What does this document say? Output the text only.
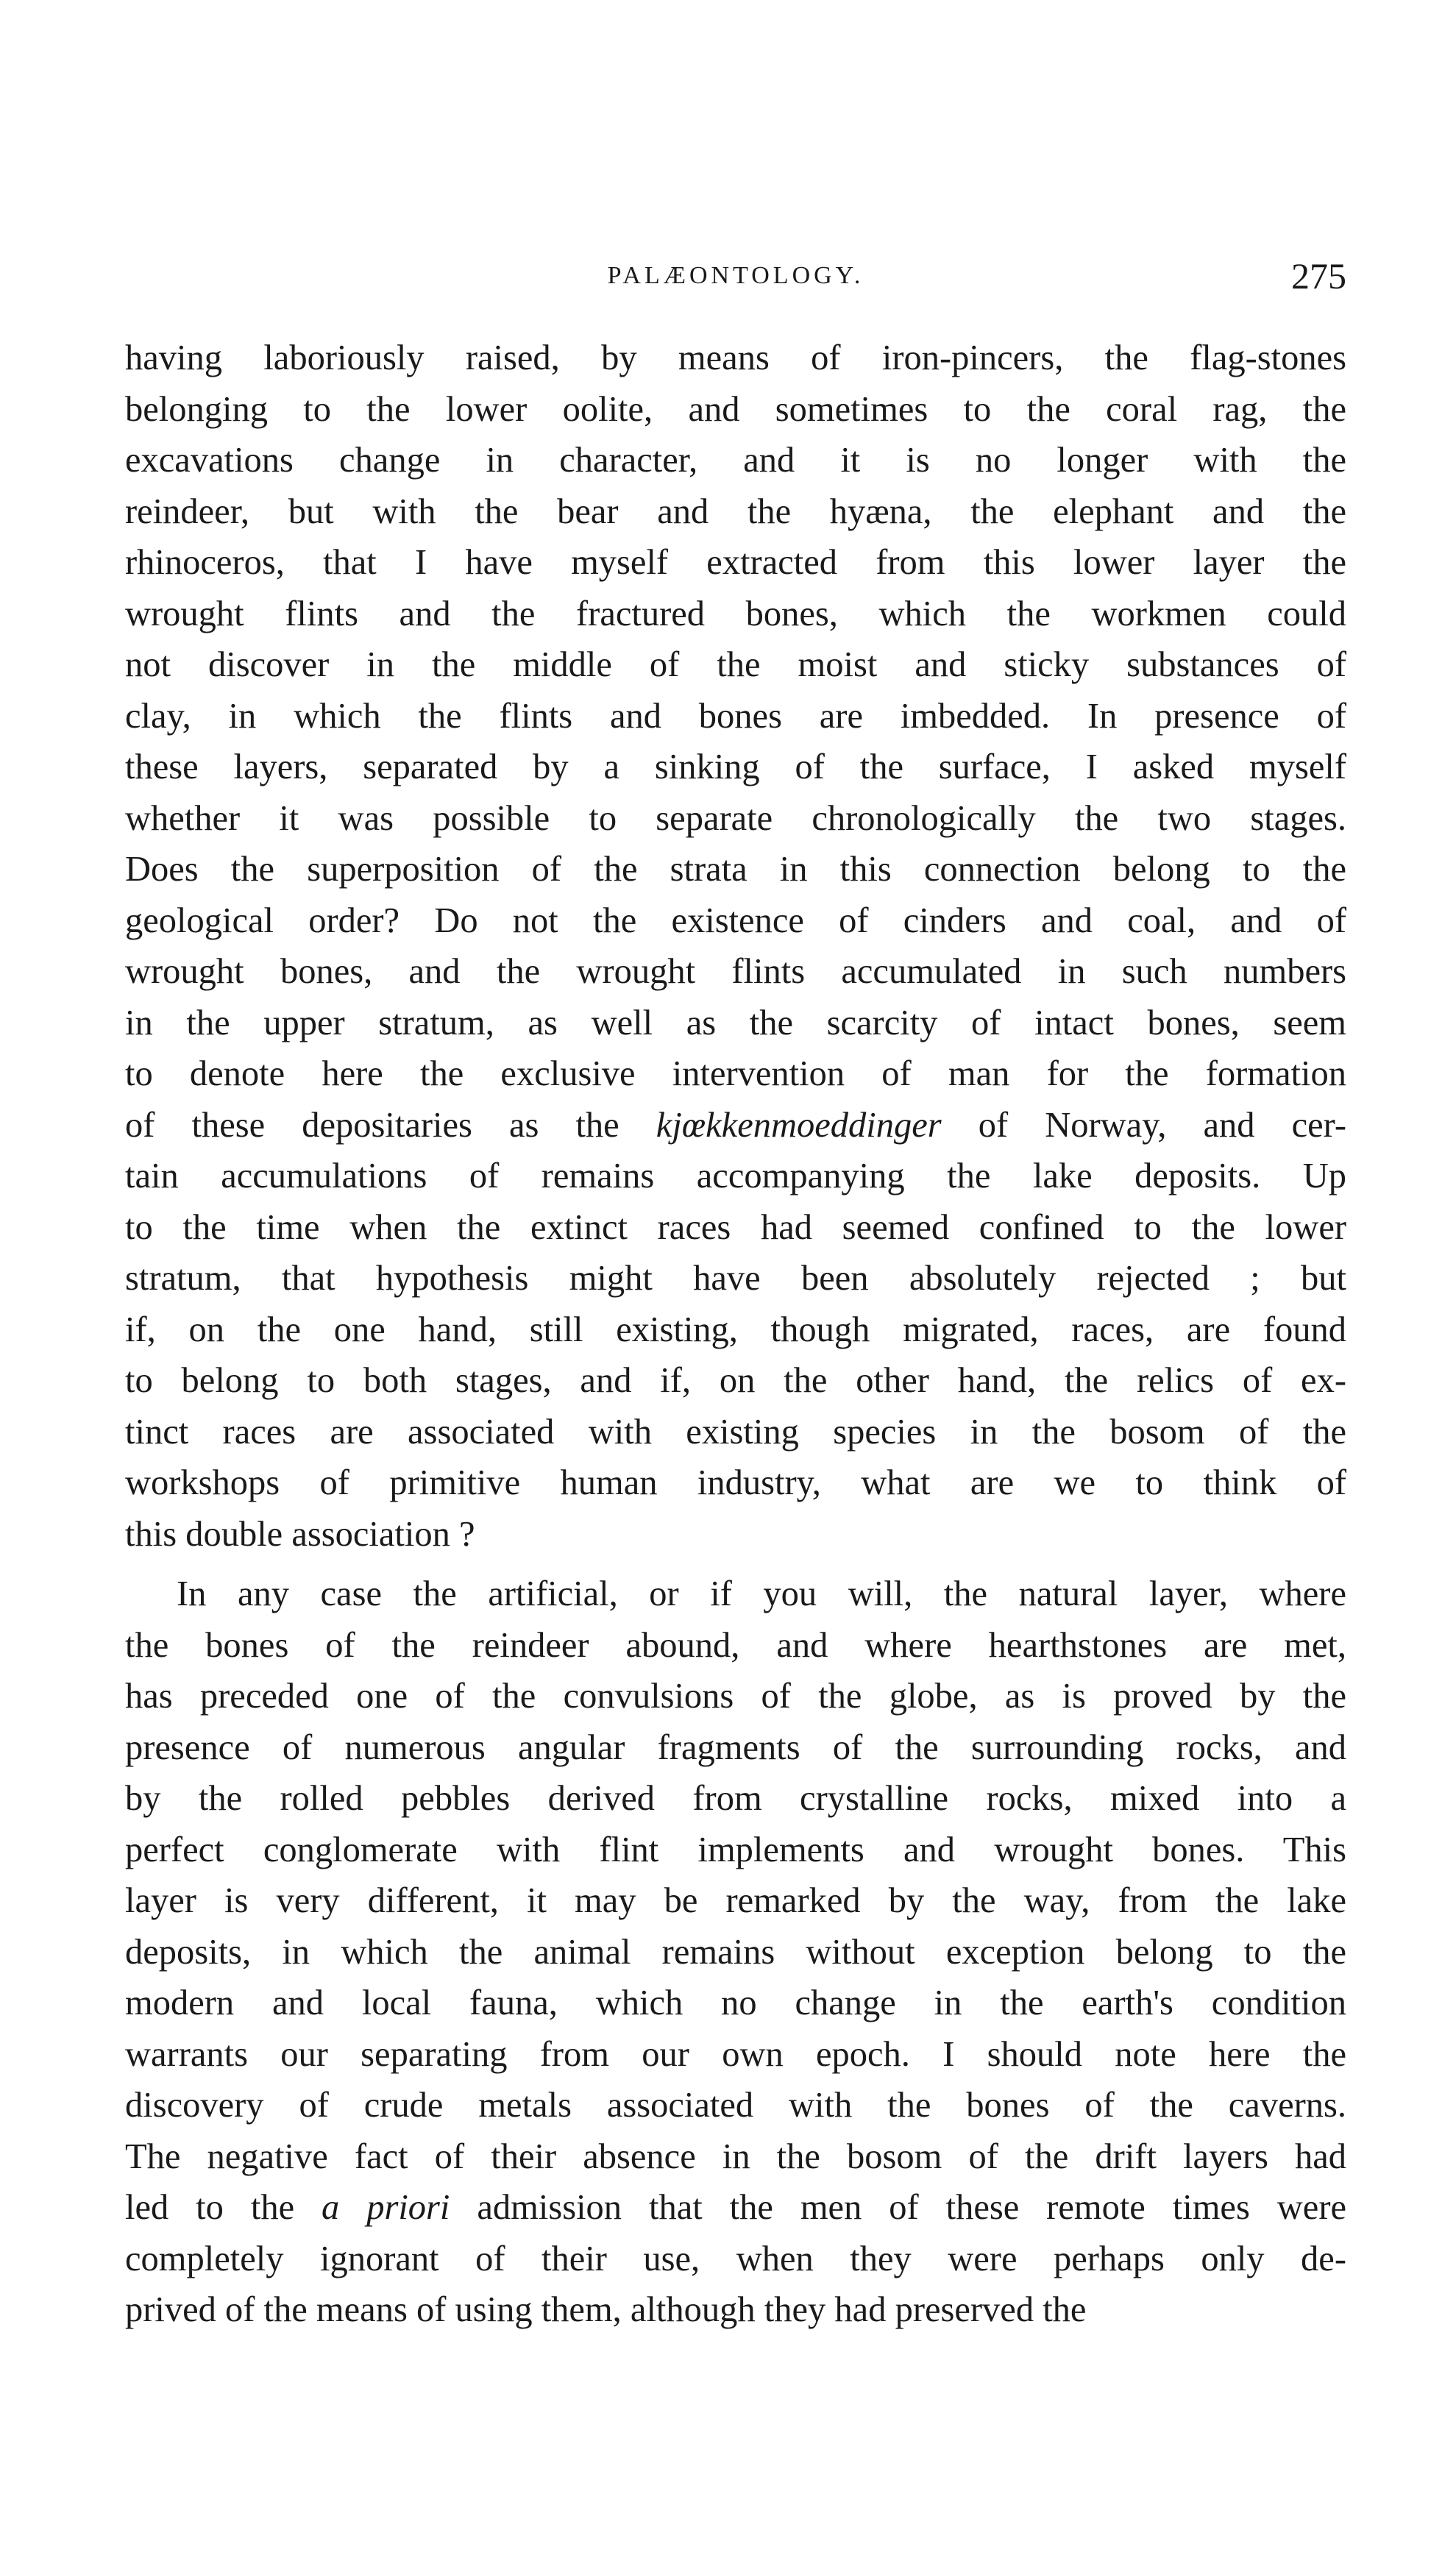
PALÆONTOLOGY.	275
having laboriously raised, by means of iron-pincers, the flag-stones
belonging to the lower oolite, and sometimes to the coral rag, the
excavations change in character, and it is no longer with the
reindeer, but with the bear and the hyæna, the elephant and the
rhinoceros, that I have myself extracted from this lower layer the
wrought flints and the fractured bones, which the workmen could
not discover in the middle of the moist and sticky substances of
clay, in which the flints and bones are imbedded. In presence of
these layers, separated by a sinking of the surface, I asked myself
whether it was possible to separate chronologically the two stages.
Does the superposition of the strata in this connection belong to the
geological order? Do not the existence of cinders and coal, and of
wrought bones, and the wrought flints accumulated in such numbers
in the upper stratum, as well as the scarcity of intact bones, seem
to denote here the exclusive intervention of man for the formation
of these depositaries as the kjœkkenmoeddinger of Norway, and cer-
tain accumulations of remains accompanying the lake deposits. Up
to the time when the extinct races had seemed confined to the lower
stratum, that hypothesis might have been absolutely rejected ; but
if, on the one hand, still existing, though migrated, races, are found
to belong to both stages, and if, on the other hand, the relics of ex-
tinct races are associated with existing species in the bosom of the
workshops of primitive human industry, what are we to think of
this double association ?
In any case the artificial, or if you will, the natural layer, where
the bones of the reindeer abound, and where hearthstones are met,
has preceded one of the convulsions of the globe, as is proved by the
presence of numerous angular fragments of the surrounding rocks, and
by the rolled pebbles derived from crystalline rocks, mixed into a
perfect conglomerate with flint implements and wrought bones. This
layer is very different, it may be remarked by the way, from the lake
deposits, in which the animal remains without exception belong to the
modern and local fauna, which no change in the earth's condition
warrants our separating from our own epoch. I should note here the
discovery of crude metals associated with the bones of the caverns.
The negative fact of their absence in the bosom of the drift layers had
led to the a priori admission that the men of these remote times were
completely ignorant of their use, when they were perhaps only de-
prived of the means of using them, although they had preserved the
